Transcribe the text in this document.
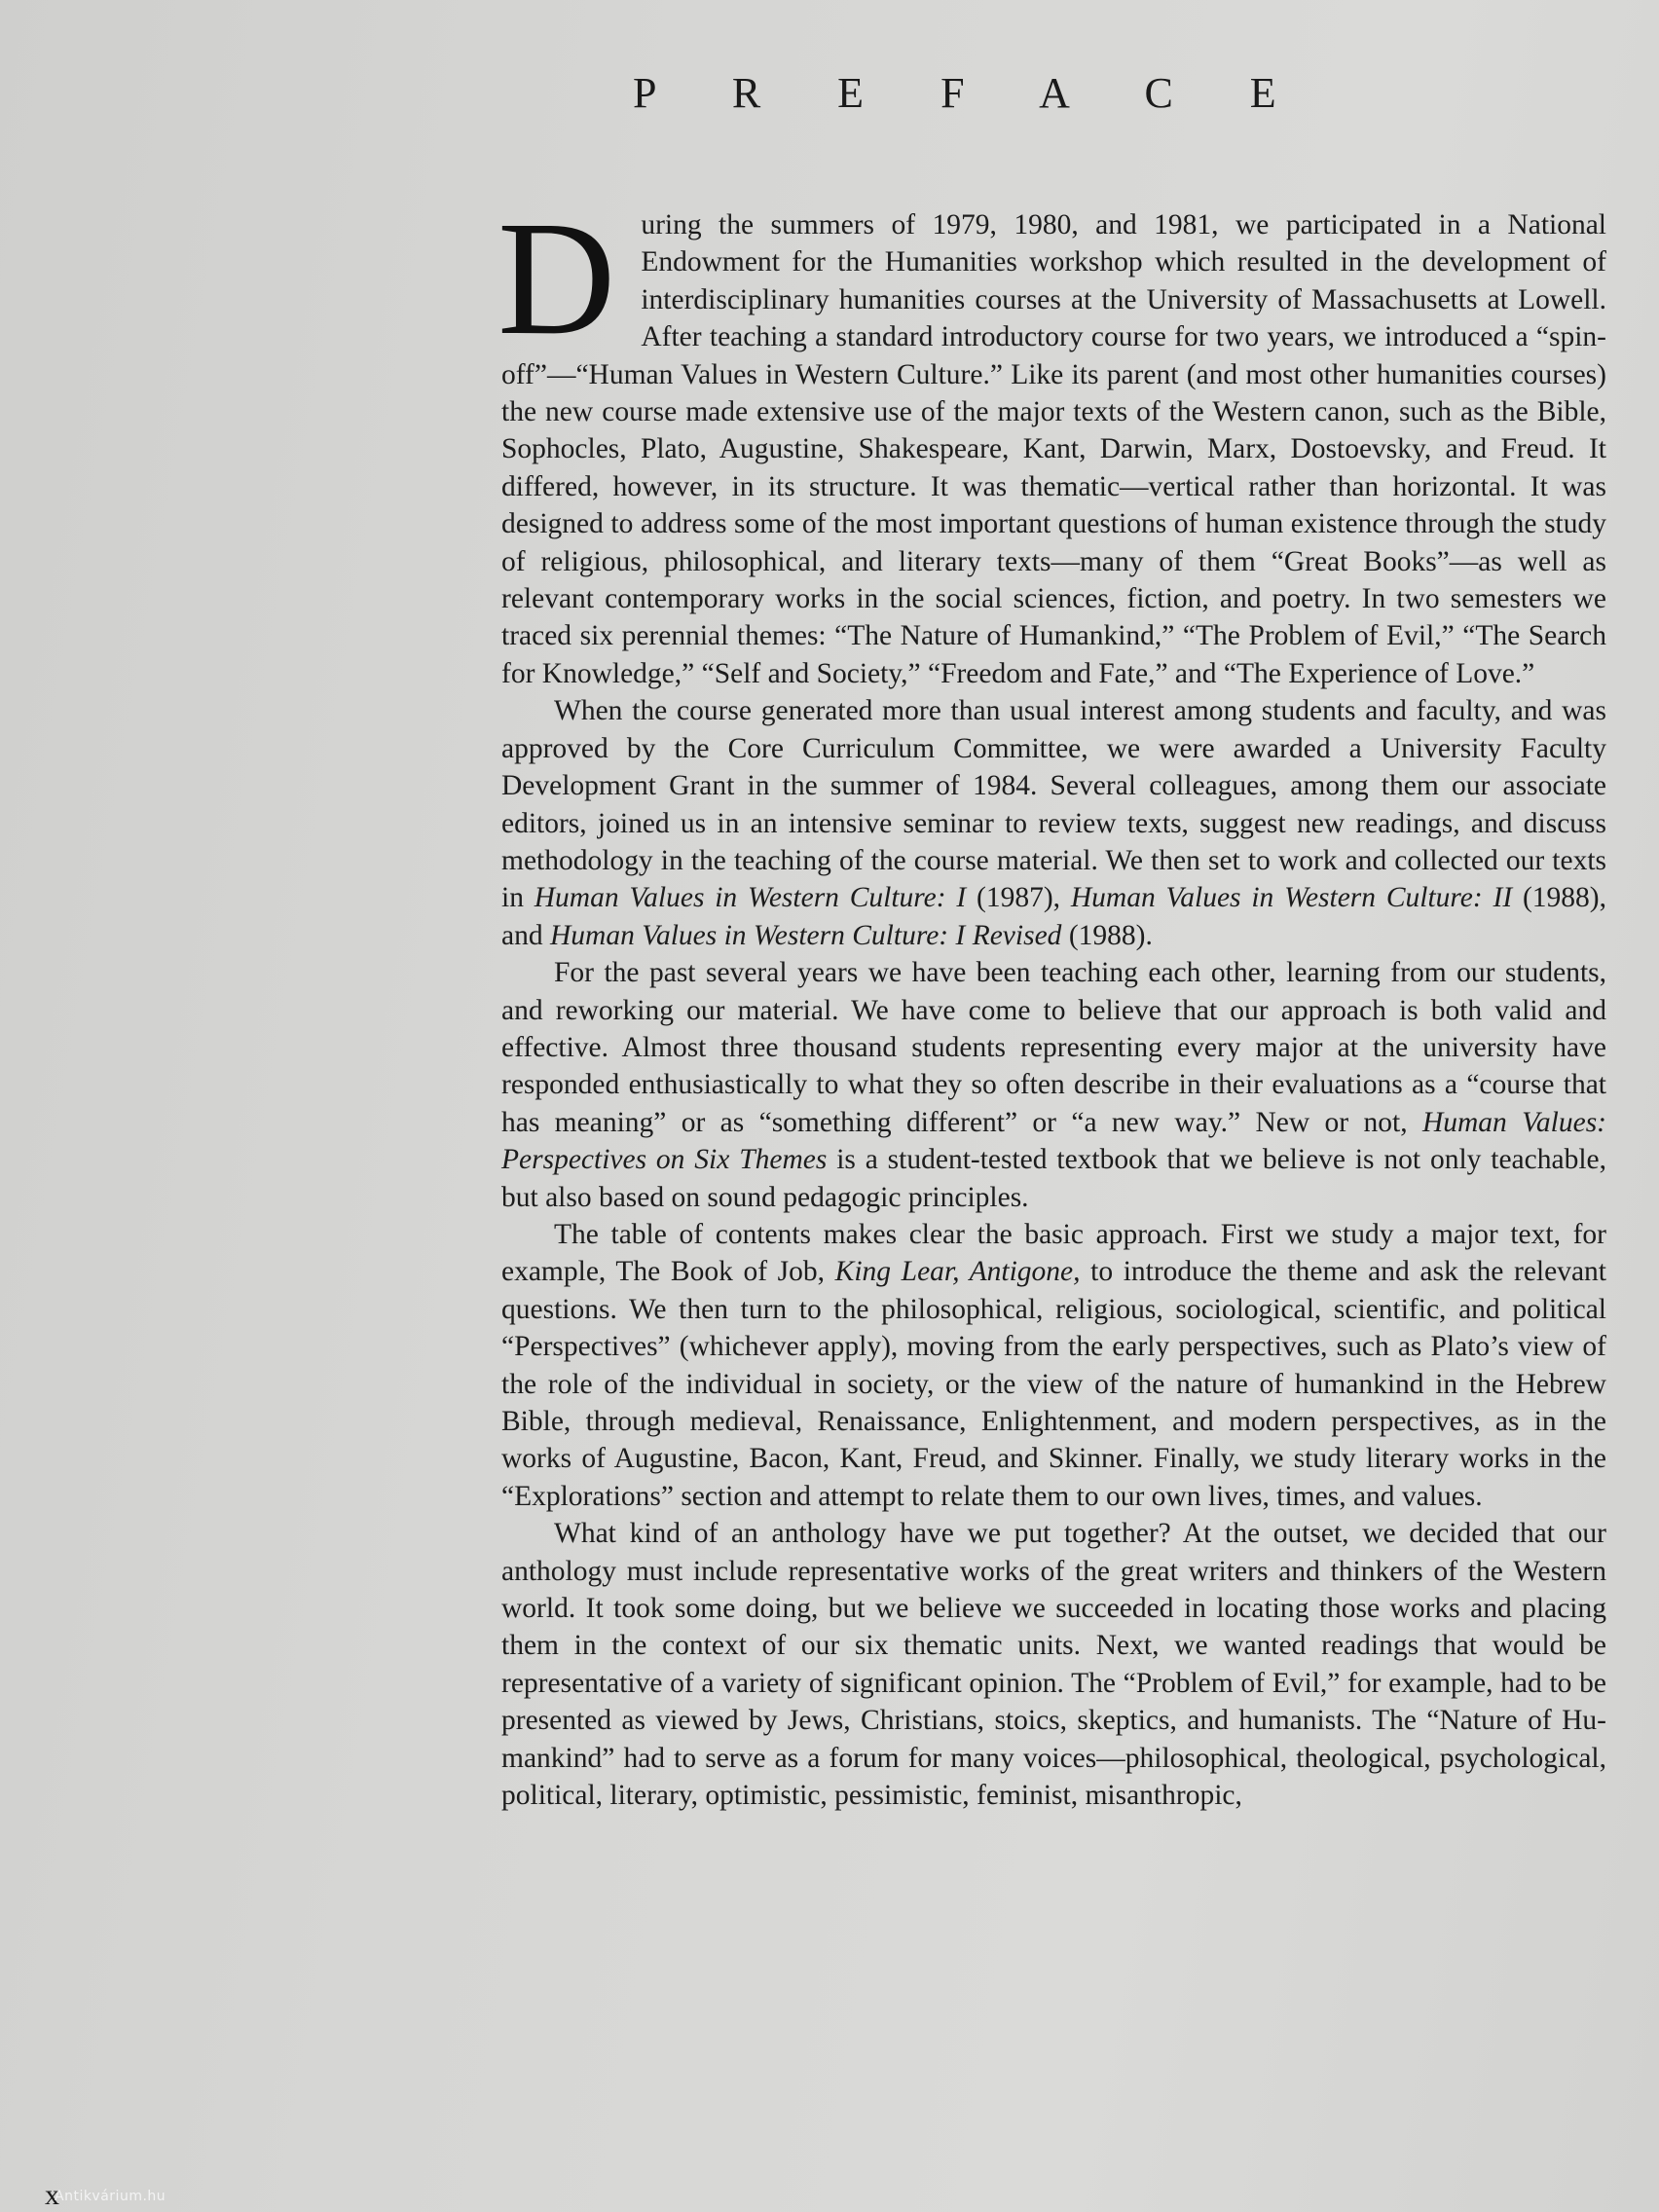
P R E F A C E

During the summers of 1979, 1980, and 1981, we participated in a National Endowment for the Humanities workshop which resulted in the development of interdisciplinary humanities courses at the University of Massachusetts at Lowell. After teaching a standard introductory course for two years, we introduced a “spin-off”—“Human Values in Western Culture.” Like its parent (and most other humanities courses) the new course made extensive use of the major texts of the Western canon, such as the Bible, Sophocles, Plato, Augustine, Shakespeare, Kant, Darwin, Marx, Dostoevsky, and Freud. It differed, however, in its structure. It was thematic—vertical rather than horizontal. It was designed to address some of the most important questions of human existence through the study of religious, philosophical, and literary texts—many of them “Great Books”—as well as relevant contemporary works in the social sciences, fiction, and poetry. In two semesters we traced six perennial themes: “The Nature of Humankind,” “The Problem of Evil,” “The Search for Knowledge,” “Self and Society,” “Freedom and Fate,” and “The Experience of Love.”

When the course generated more than usual interest among students and faculty, and was approved by the Core Curriculum Committee, we were awarded a University Faculty Development Grant in the summer of 1984. Several colleagues, among them our associate editors, joined us in an intensive seminar to review texts, suggest new readings, and discuss methodology in the teaching of the course material. We then set to work and collected our texts in Human Values in Western Culture: I (1987), Human Values in Western Culture: II (1988), and Human Values in Western Culture: I Revised (1988).

For the past several years we have been teaching each other, learning from our students, and reworking our material. We have come to believe that our approach is both valid and effective. Almost three thousand students representing every major at the university have responded enthusiastically to what they so often describe in their evaluations as a “course that has meaning” or as “something different” or “a new way.” New or not, Human Values: Perspectives on Six Themes is a student-tested textbook that we believe is not only teachable, but also based on sound pedagogic principles.

The table of contents makes clear the basic approach. First we study a major text, for example, The Book of Job, King Lear, Antigone, to introduce the theme and ask the relevant questions. We then turn to the philosophical, religious, sociological, scientific, and political “Perspectives” (whichever apply), moving from the early perspectives, such as Plato’s view of the role of the individual in society, or the view of the nature of humankind in the Hebrew Bible, through medieval, Renaissance, Enlightenment, and modern perspectives, as in the works of Augustine, Bacon, Kant, Freud, and Skinner. Finally, we study literary works in the “Explorations” section and attempt to relate them to our own lives, times, and values.

What kind of an anthology have we put together? At the outset, we decided that our anthology must include representative works of the great writers and thinkers of the Western world. It took some doing, but we believe we succeeded in locating those works and placing them in the context of our six thematic units. Next, we wanted readings that would be representative of a variety of significant opinion. The “Problem of Evil,” for example, had to be presented as viewed by Jews, Christians, stoics, skeptics, and humanists. The “Nature of Humankind” had to serve as a forum for many voices—philosophical, theological, psychological, political, literary, optimistic, pessimistic, feminist, misanthropic,

x
Antikvárium.hu
